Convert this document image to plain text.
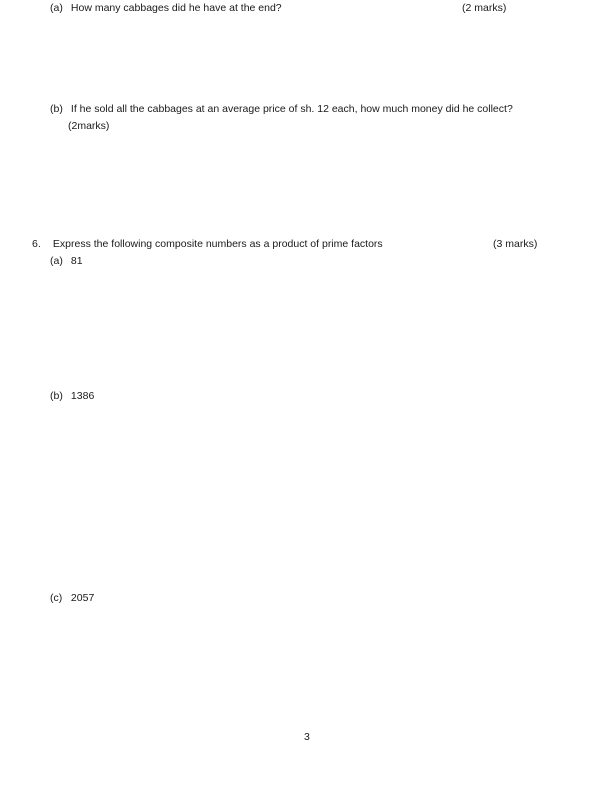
(a) How many cabbages did he have at the end?	(2 marks)
(b) If he sold all the cabbages at an average price of sh. 12 each, how much money did he collect?
(2marks)
6. Express the following composite numbers as a product of prime factors	(3 marks)
(a) 81
(b) 1386
(c) 2057
3
